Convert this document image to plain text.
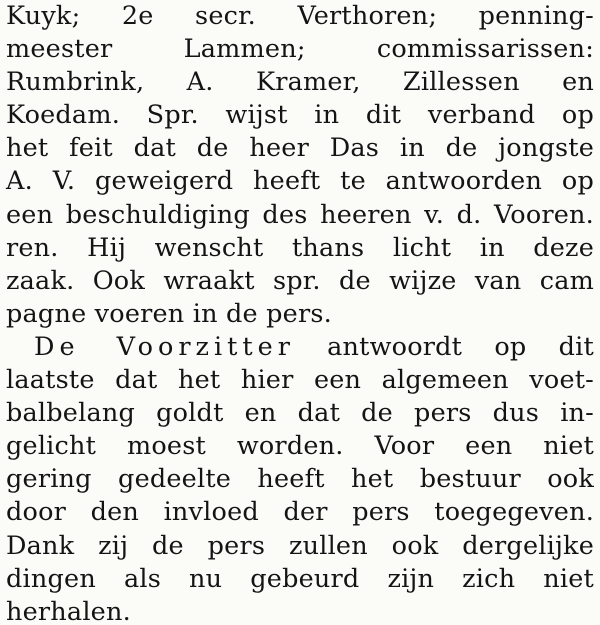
Kuyk; 2e secr. Verthoren; penning-
meester Lammen; commissarissen:
Rumbrink, A. Kramer, Zillessen en
Koedam. Spr. wijst in dit verband op
het feit dat de heer Das in de jongste
A. V. geweigerd heeft te antwoorden op
een beschuldiging des heeren v. d. Vooren.
ren. Hij wenscht thans licht in deze
zaak. Ook wraakt spr. de wijze van cam
pagne voeren in de pers.
De Voorzitter antwoordt op dit
laatste dat het hier een algemeen voet-
balbelang goldt en dat de pers dus in-
gelicht moest worden. Voor een niet
gering gedeelte heeft het bestuur ook
door den invloed der pers toegegeven.
Dank zij de pers zullen ook dergelijke
dingen als nu gebeurd zijn zich niet
herhalen.
